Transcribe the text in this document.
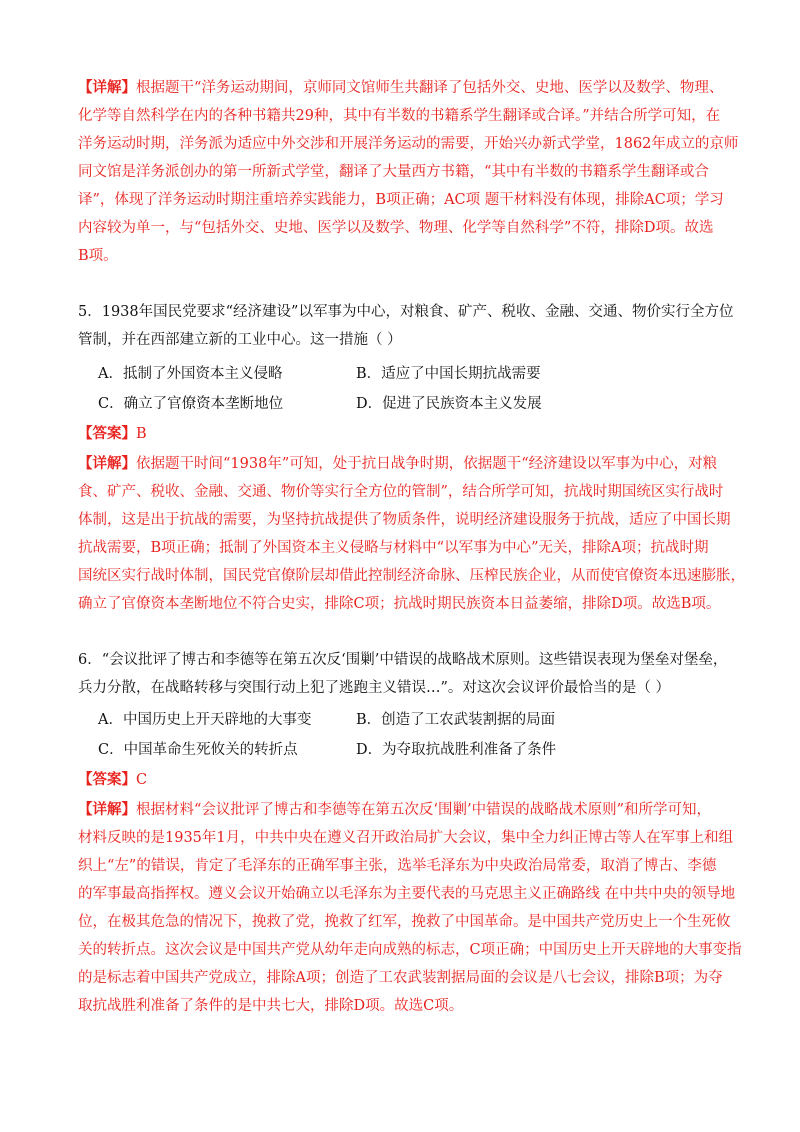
【详解】根据题干“洋务运动期间，京师同文馆师生共翻译了包括外交、史地、医学以及数学、物理、
化学等自然科学在内的各种书籍共29种，其中有半数的书籍系学生翻译或合译。”并结合所学可知，在
洋务运动时期，洋务派为适应中外交涉和开展洋务运动的需要，开始兴办新式学堂，1862年成立的京师
同文馆是洋务派创办的第一所新式学堂，翻译了大量西方书籍，“其中有半数的书籍系学生翻译或合
译”，体现了洋务运动时期注重培养实践能力，B项正确；AC项 题干材料没有体现，排除AC项；学习
内容较为单一，与“包括外交、史地、医学以及数学、物理、化学等自然科学”不符，排除D项。故选
B项。
5．1938年国民党要求“经济建设”以军事为中心，对粮食、矿产、税收、金融、交通、物价实行全方位
管制，并在西部建立新的工业中心。这一措施（ ）
A．抵制了外国资本主义侵略	B．适应了中国长期抗战需要
C．确立了官僚资本垄断地位	D．促进了民族资本主义发展
【答案】B
【详解】依据题干时间“1938年”可知，处于抗日战争时期，依据题干“经济建设以军事为中心，对粮
食、矿产、税收、金融、交通、物价等实行全方位的管制”，结合所学可知，抗战时期国统区实行战时
体制，这是出于抗战的需要，为坚持抗战提供了物质条件，说明经济建设服务于抗战，适应了中国长期
抗战需要，B项正确；抵制了外国资本主义侵略与材料中“以军事为中心”无关，排除A项；抗战时期
国统区实行战时体制，国民党官僚阶层却借此控制经济命脉、压榨民族企业，从而使官僚资本迅速膨胀，
确立了官僚资本垄断地位不符合史实，排除C项；抗战时期民族资本日益萎缩，排除D项。故选B项。
6．“会议批评了博古和李德等在第五次反‘围剿’中错误的战略战术原则。这些错误表现为堡垒对堡垒，
兵力分散，在战略转移与突围行动上犯了逃跑主义错误…”。对这次会议评价最恰当的是（ ）
A．中国历史上开天辟地的大事变	B．创造了工农武装割据的局面
C．中国革命生死攸关的转折点	D．为夺取抗战胜利准备了条件
【答案】C
【详解】根据材料“会议批评了博古和李德等在第五次反‘围剿’中错误的战略战术原则”和所学可知，
材料反映的是1935年1月，中共中央在遵义召开政治局扩大会议，集中全力纠正博古等人在军事上和组
织上“左”的错误，肯定了毛泽东的正确军事主张，选举毛泽东为中央政治局常委，取消了博古、李德
的军事最高指挥权。遵义会议开始确立以毛泽东为主要代表的马克思主义正确路线 在中共中央的领导地
位，在极其危急的情况下，挽救了党，挽救了红军，挽救了中国革命。是中国共产党历史上一个生死攸
关的转折点。这次会议是中国共产党从幼年走向成熟的标志，C项正确；中国历史上开天辟地的大事变指
的是标志着中国共产党成立，排除A项；创造了工农武装割据局面的会议是八七会议，排除B项；为夺
取抗战胜利准备了条件的是中共七大，排除D项。故选C项。
